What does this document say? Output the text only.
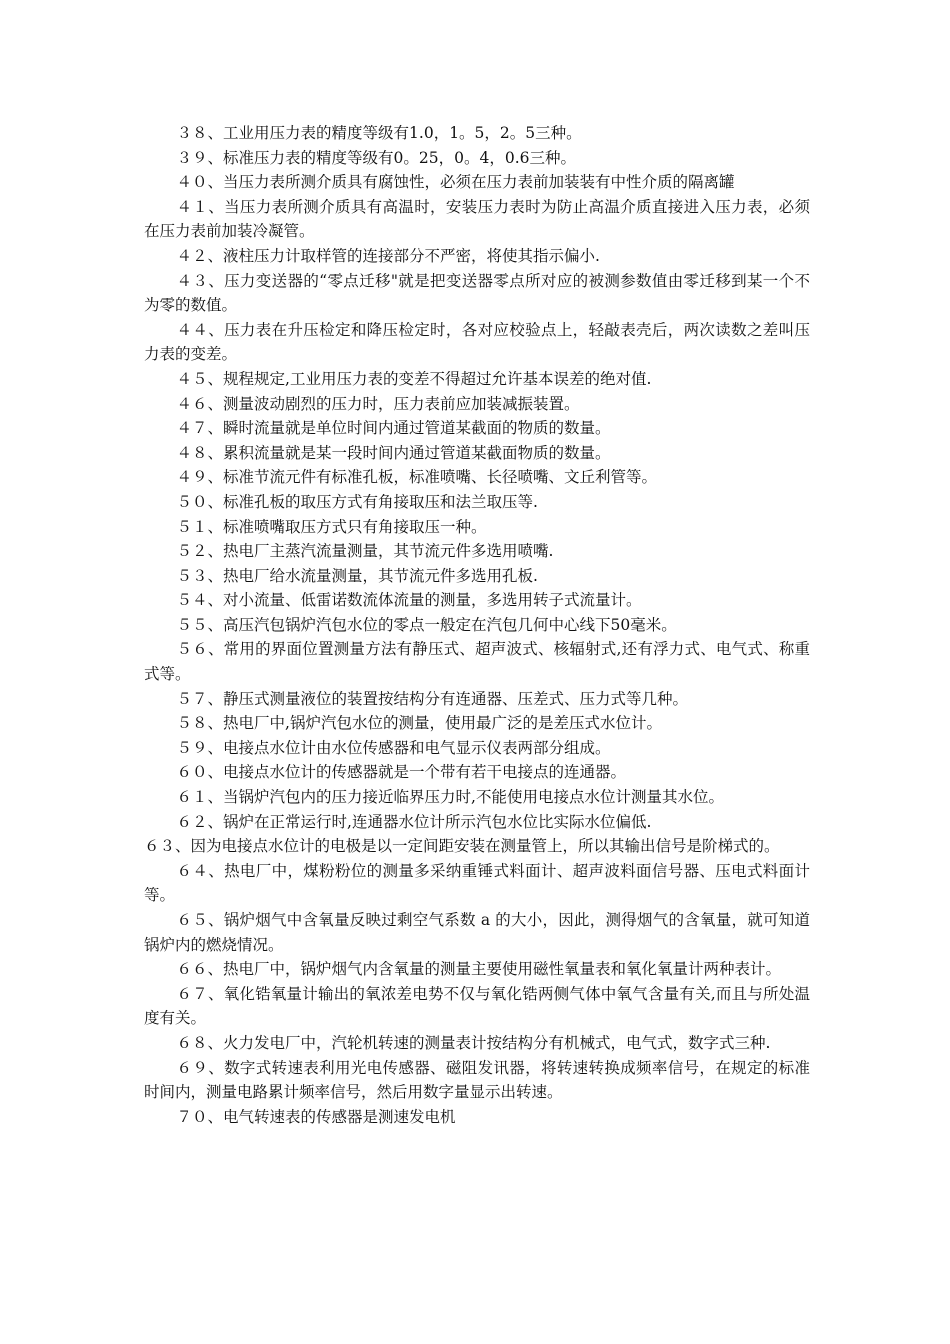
３８、工业用压力表的精度等级有1.0，1。5，2。5三种。

３９、标准压力表的精度等级有0。25，0。4，0.6三种。

４０、当压力表所测介质具有腐蚀性，必须在压力表前加装装有中性介质的隔离罐

４１、当压力表所测介质具有高温时，安装压力表时为防止高温介质直接进入压力表，必须在压力表前加装冷凝管。

４２、液柱压力计取样管的连接部分不严密，将使其指示偏小.

４３、压力变送器的“零点迁移"就是把变送器零点所对应的被测参数值由零迁移到某一个不为零的数值。

４４、压力表在升压检定和降压检定时，各对应校验点上，轻敲表壳后，两次读数之差叫压力表的变差。

４５、规程规定,工业用压力表的变差不得超过允许基本误差的绝对值.

４６、测量波动剧烈的压力时，压力表前应加装减振装置。

４７、瞬时流量就是单位时间内通过管道某截面的物质的数量。

４８、累积流量就是某一段时间内通过管道某截面物质的数量。

４９、标准节流元件有标准孔板，标准喷嘴、长径喷嘴、文丘利管等。

５０、标准孔板的取压方式有角接取压和法兰取压等.

５１、标准喷嘴取压方式只有角接取压一种。

５２、热电厂主蒸汽流量测量，其节流元件多选用喷嘴.

５３、热电厂给水流量测量，其节流元件多选用孔板.

５４、对小流量、低雷诺数流体流量的测量，多选用转子式流量计。

５５、高压汽包锅炉汽包水位的零点一般定在汽包几何中心线下50毫米。

５６、常用的界面位置测量方法有静压式、超声波式、核辐射式,还有浮力式、电气式、称重式等。

５７、静压式测量液位的装置按结构分有连通器、压差式、压力式等几种。

５８、热电厂中,锅炉汽包水位的测量，使用最广泛的是差压式水位计。

５９、电接点水位计由水位传感器和电气显示仪表两部分组成。

６０、电接点水位计的传感器就是一个带有若干电接点的连通器。

６１、当锅炉汽包内的压力接近临界压力时,不能使用电接点水位计测量其水位。

６２、锅炉在正常运行时,连通器水位计所示汽包水位比实际水位偏低.

６３、因为电接点水位计的电极是以一定间距安装在测量管上，所以其输出信号是阶梯式的。

６４、热电厂中，煤粉粉位的测量多采纳重锤式料面计、超声波料面信号器、压电式料面计等。

６５、锅炉烟气中含氧量反映过剩空气系数 a 的大小，因此，测得烟气的含氧量，就可知道锅炉内的燃烧情况。

６６、热电厂中，锅炉烟气内含氧量的测量主要使用磁性氧量表和氧化氧量计两种表计。

６７、氧化锆氧量计输出的氧浓差电势不仅与氧化锆两侧气体中氧气含量有关,而且与所处温度有关。

６８、火力发电厂中，汽轮机转速的测量表计按结构分有机械式，电气式，数字式三种.

６９、数字式转速表利用光电传感器、磁阻发讯器，将转速转换成频率信号，在规定的标准时间内，测量电路累计频率信号，然后用数字量显示出转速。

７０、电气转速表的传感器是测速发电机
